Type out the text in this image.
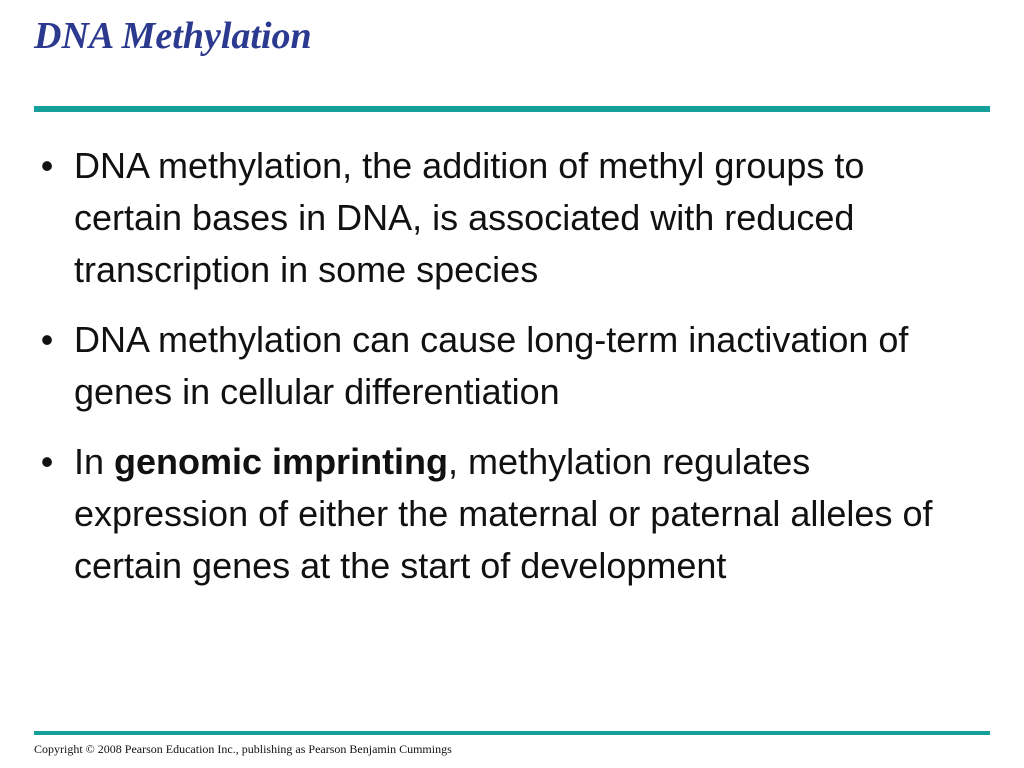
DNA Methylation
• DNA methylation, the addition of methyl groups to certain bases in DNA, is associated with reduced transcription in some species
• DNA methylation can cause long-term inactivation of genes in cellular differentiation
• In genomic imprinting, methylation regulates expression of either the maternal or paternal alleles of certain genes at the start of development
Copyright © 2008 Pearson Education Inc., publishing as Pearson Benjamin Cummings
